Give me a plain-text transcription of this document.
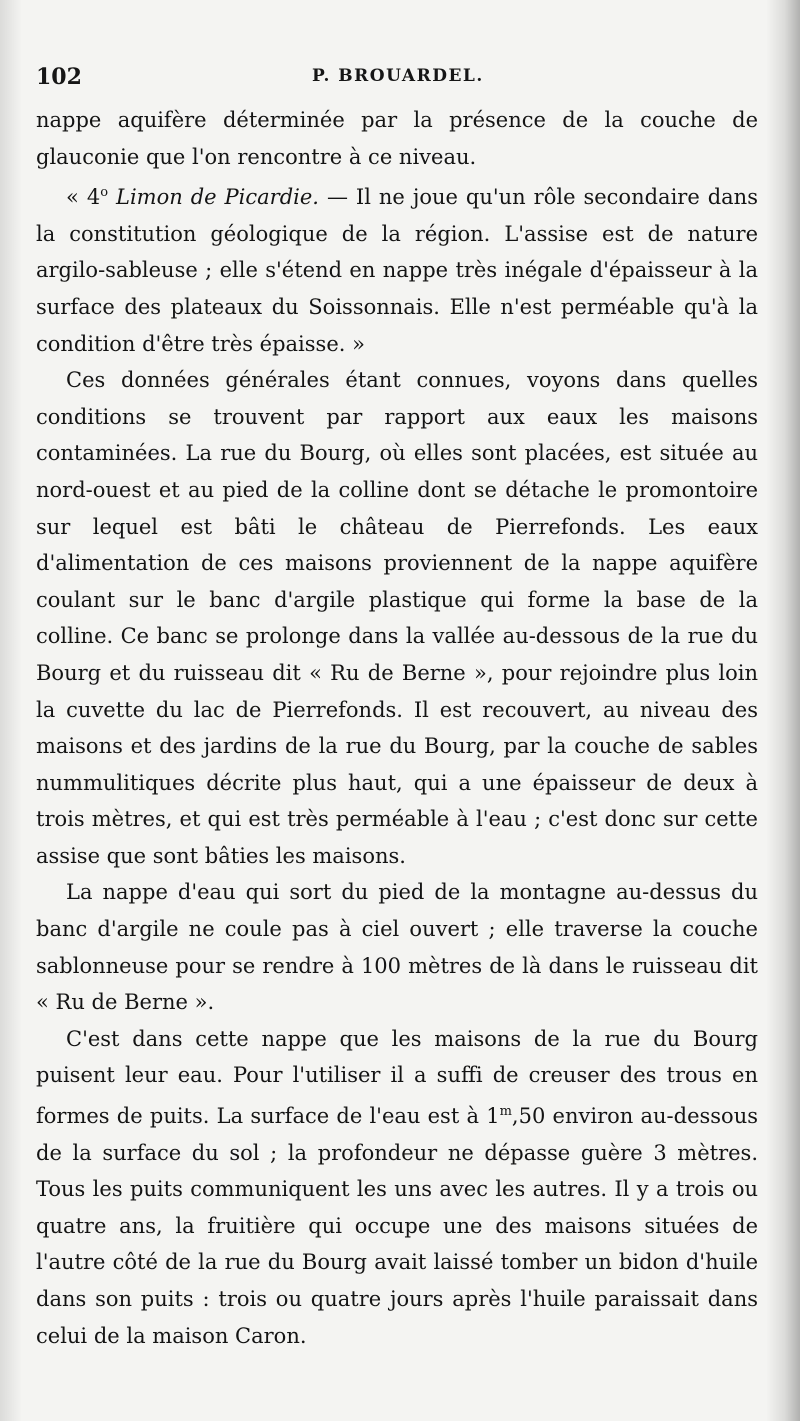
102	P. BROUARDEL.

nappe aquifère déterminée par la présence de la couche de glauconie que l'on rencontre à ce niveau.

« 4$^o$ Limon de Picardie. — Il ne joue qu'un rôle secondaire dans la constitution géologique de la région. L'assise est de nature argilo-sableuse ; elle s'étend en nappe très inégale d'épaisseur à la surface des plateaux du Soissonnais. Elle n'est perméable qu'à la condition d'être très épaisse. »

Ces données générales étant connues, voyons dans quelles conditions se trouvent par rapport aux eaux les maisons contaminées. La rue du Bourg, où elles sont placées, est située au nord-ouest et au pied de la colline dont se détache le promontoire sur lequel est bâti le château de Pierrefonds. Les eaux d'alimentation de ces maisons proviennent de la nappe aquifère coulant sur le banc d'argile plastique qui forme la base de la colline. Ce banc se prolonge dans la vallée au-dessous de la rue du Bourg et du ruisseau dit « Ru de Berne », pour rejoindre plus loin la cuvette du lac de Pierrefonds. Il est recouvert, au niveau des maisons et des jardins de la rue du Bourg, par la couche de sables nummulitiques décrite plus haut, qui a une épaisseur de deux à trois mètres, et qui est très perméable à l'eau ; c'est donc sur cette assise que sont bâties les maisons.

La nappe d'eau qui sort du pied de la montagne au-dessus du banc d'argile ne coule pas à ciel ouvert ; elle traverse la couche sablonneuse pour se rendre à 100 mètres de là dans le ruisseau dit « Ru de Berne ».

C'est dans cette nappe que les maisons de la rue du Bourg puisent leur eau. Pour l'utiliser il a suffi de creuser des trous en formes de puits. La surface de l'eau est à 1$^m$,50 environ au-dessous de la surface du sol ; la profondeur ne dépasse guère 3 mètres. Tous les puits communiquent les uns avec les autres. Il y a trois ou quatre ans, la fruitière qui occupe une des maisons situées de l'autre côté de la rue du Bourg avait laissé tomber un bidon d'huile dans son puits : trois ou quatre jours après l'huile paraissait dans celui de la maison Caron.
